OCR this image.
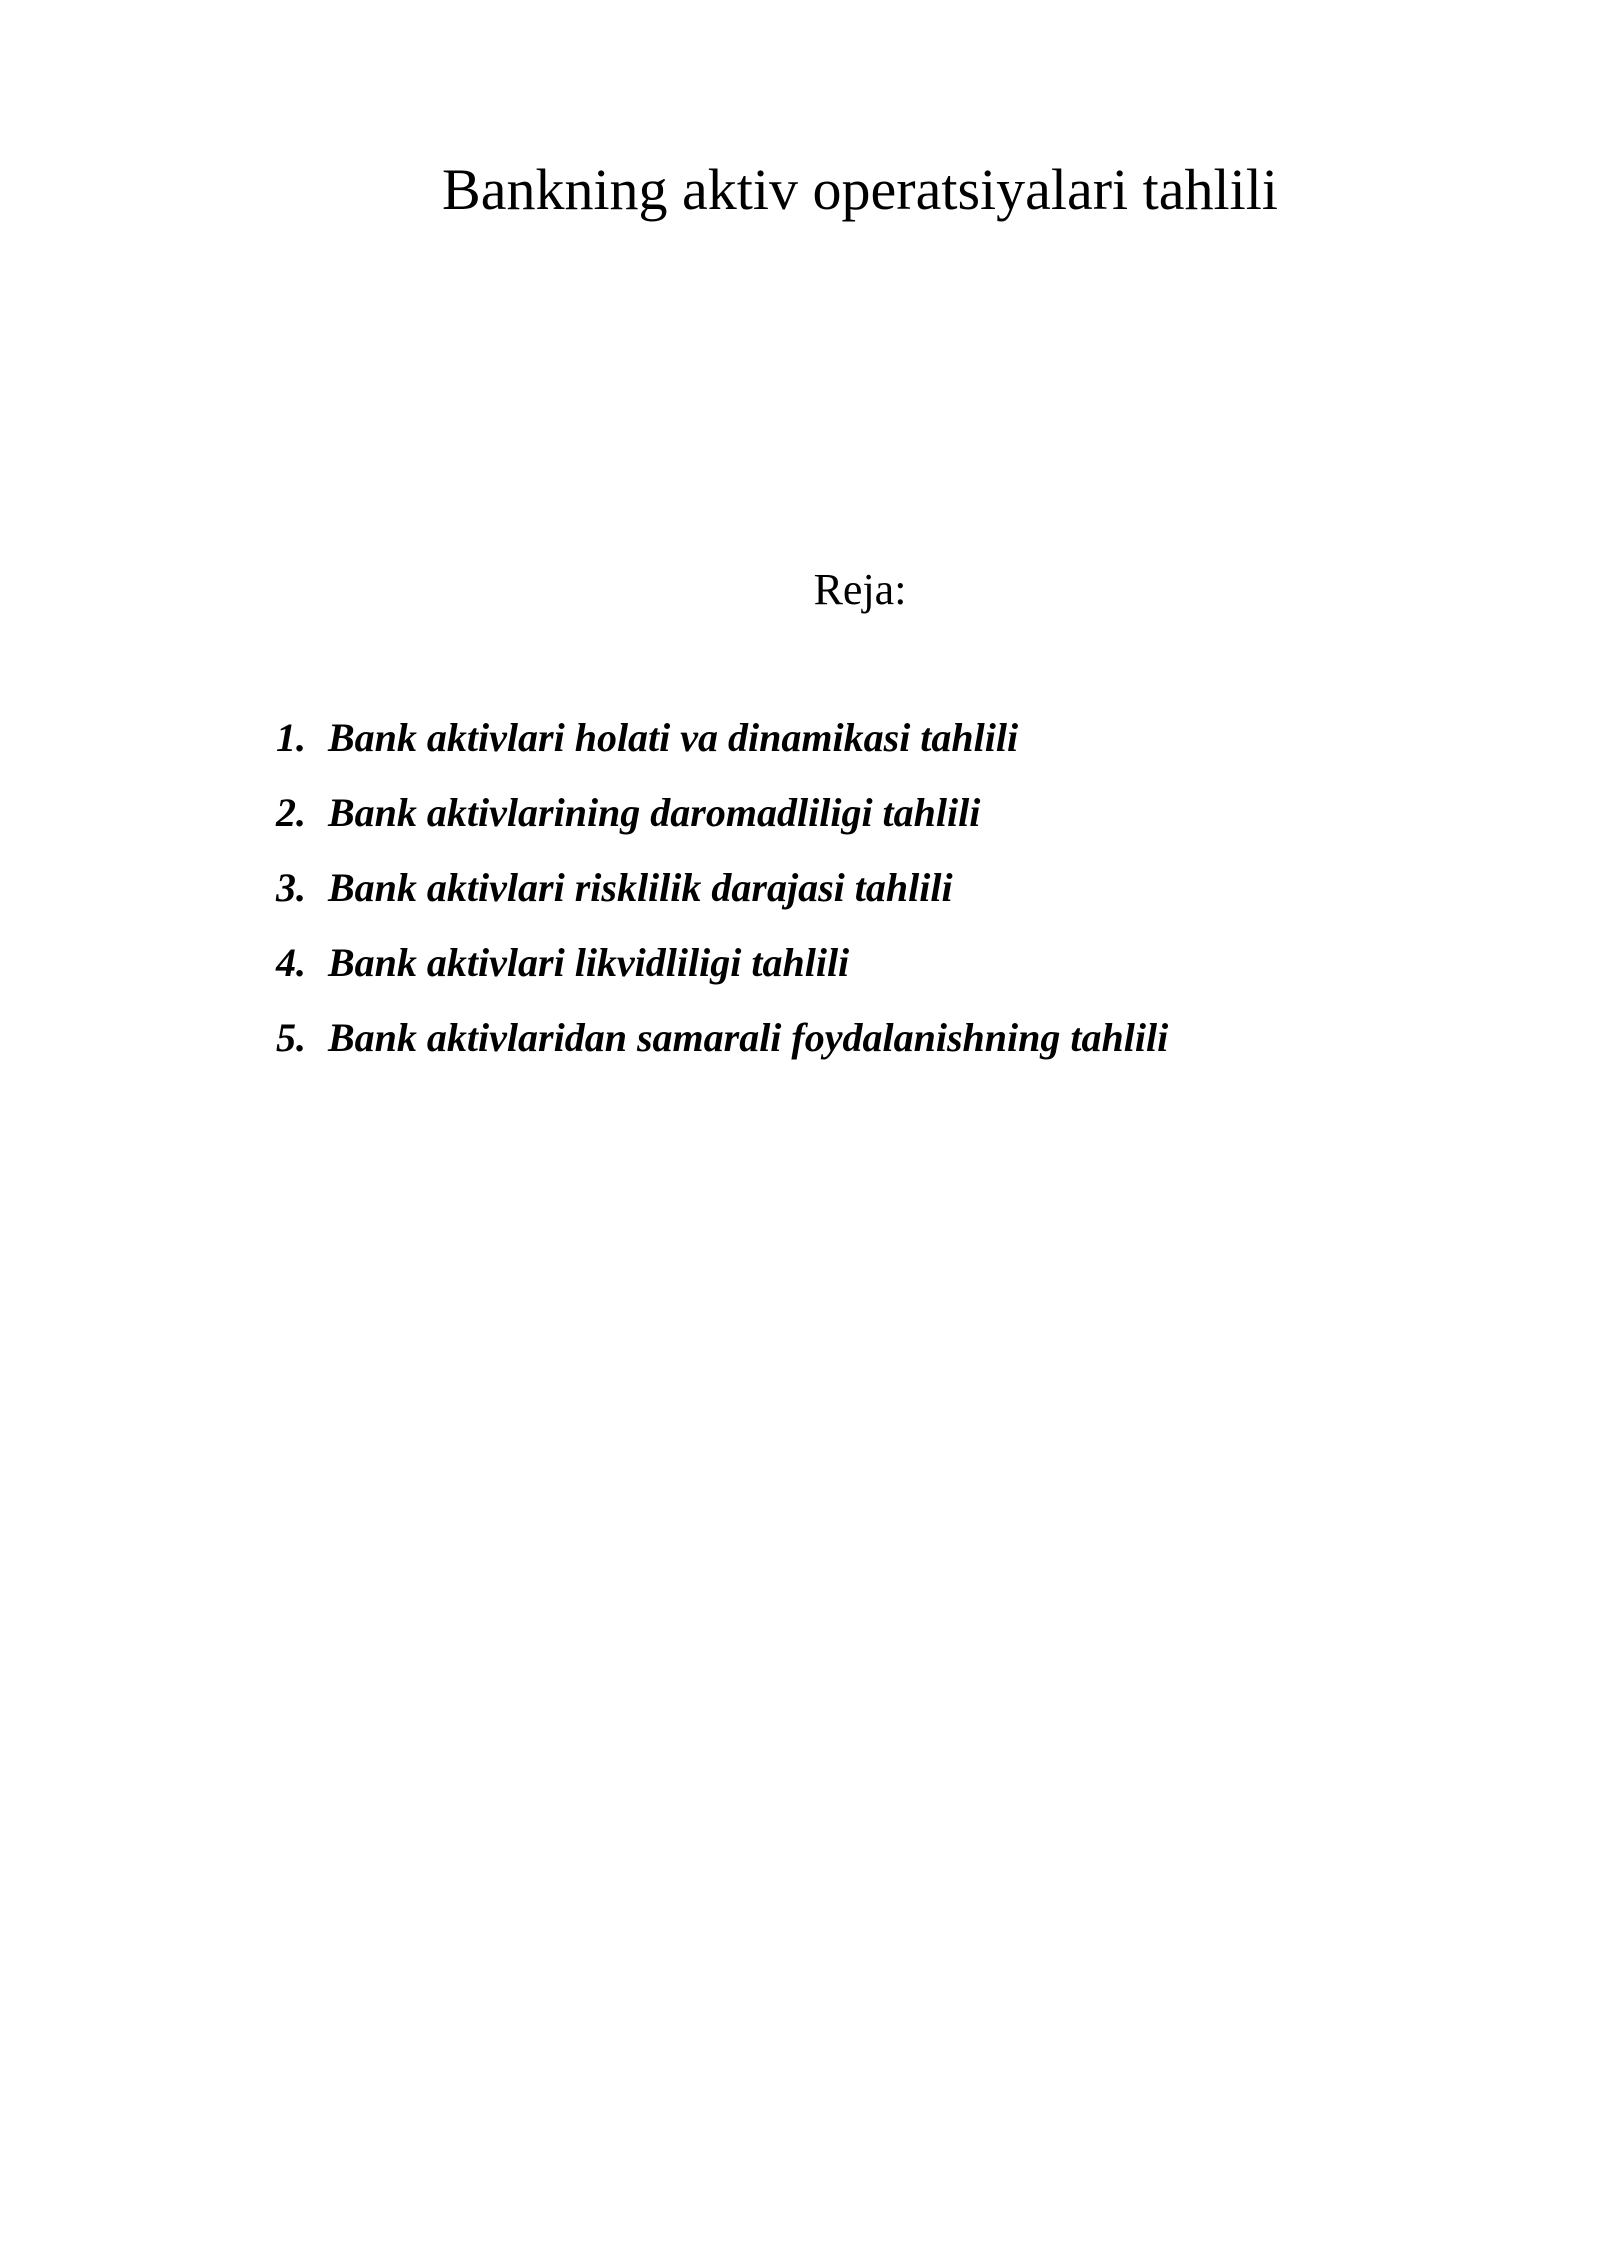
Bankning aktiv operatsiyalari tahlili
Reja:
1. Bank aktivlari holati va dinamikasi tahlili
2. Bank aktivlarining daromadliligi tahlili
3. Bank aktivlari risklilik darajasi tahlili
4. Bank aktivlari likvidliligi tahlili
5. Bank aktivlaridan samarali foydalanishning tahlili
